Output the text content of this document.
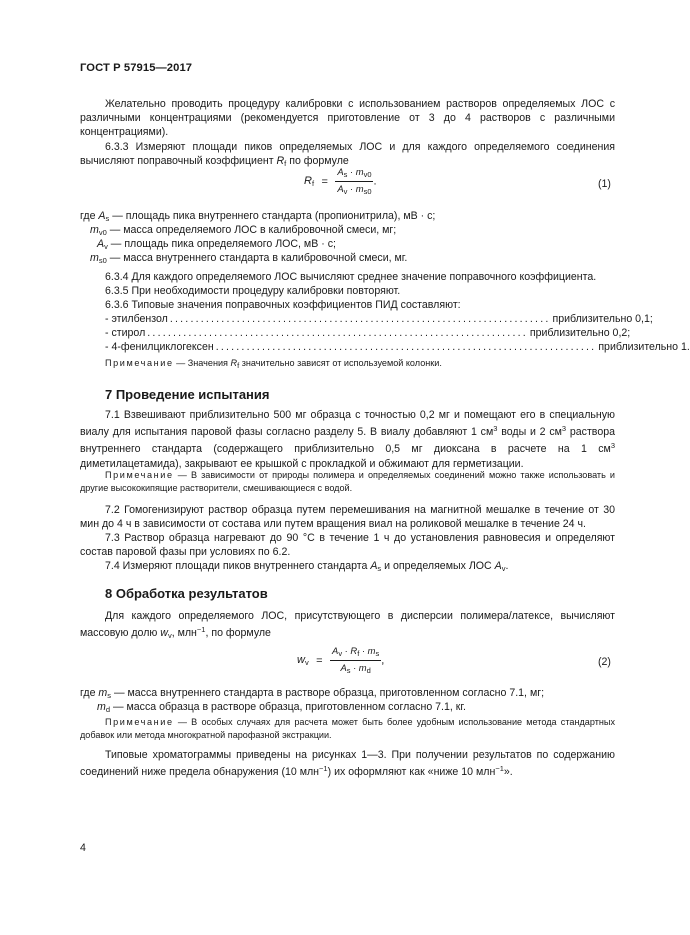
ГОСТ Р 57915—2017
Желательно проводить процедуру калибровки с использованием растворов определяемых ЛОС с различными концентрациями (рекомендуется приготовление от 3 до 4 растворов с различными концентрациями).
6.3.3 Измеряют площади пиков определяемых ЛОС и для каждого определяемого соединения вычисляют поправочный коэффициент $R_f$ по формуле
$R_f = \frac{A_s \cdot m_{v0}}{A_v \cdot m_{s0}}$ .	(1)
где $A_s$ — площадь пика внутреннего стандарта (пропионитрила), мВ · с;
$m_{v0}$ — масса определяемого ЛОС в калибровочной смеси, мг;
$A_v$ — площадь пика определяемого ЛОС, мВ · с;
$m_{s0}$ — масса внутреннего стандарта в калибровочной смеси, мг.
6.3.4 Для каждого определяемого ЛОС вычисляют среднее значение поправочного коэффициента.
6.3.5 При необходимости процедуру калибровки повторяют.
6.3.6 Типовые значения поправочных коэффициентов ПИД составляют:
- этилбензол .......................................................................... приблизительно 0,1;
- стирол .......................................................................... приблизительно 0,2;
- 4-фенилциклогексен .......................................................................... приблизительно 1.
Примечание — Значения $R_f$ значительно зависят от используемой колонки.
7 Проведение испытания
7.1 Взвешивают приблизительно 500 мг образца с точностью 0,2 мг и помещают его в специальную виалу для испытания паровой фазы согласно разделу 5. В виалу добавляют 1 $см^3$ воды и 2 $см^3$ раствора внутреннего стандарта (содержащего приблизительно 0,5 мг диоксана в расчете на 1 $см^3$ диметилацетамида), закрывают ее крышкой с прокладкой и обжимают для герметизации.
Примечание — В зависимости от природы полимера и определяемых соединений можно также использовать и другие высококипящие растворители, смешивающиеся с водой.
7.2 Гомогенизируют раствор образца путем перемешивания на магнитной мешалке в течение от 30 мин до 4 ч в зависимости от состава или путем вращения виал на роликовой мешалке в течение 24 ч.
7.3 Раствор образца нагревают до 90 °С в течение 1 ч до установления равновесия и определяют состав паровой фазы при условиях по 6.2.
7.4 Измеряют площади пиков внутреннего стандарта $A_s$ и определяемых ЛОС $A_v$.
8 Обработка результатов
Для каждого определяемого ЛОС, присутствующего в дисперсии полимера/латексе, вычисляют массовую долю $w_v$, млн$^{-1}$, по формуле
$w_v = \frac{A_v \cdot R_f \cdot m_s}{A_s \cdot m_d}$ ,	(2)
где $m_s$ — масса внутреннего стандарта в растворе образца, приготовленном согласно 7.1, мг;
$m_d$ — масса образца в растворе образца, приготовленном согласно 7.1, кг.
Примечание — В особых случаях для расчета может быть более удобным использование метода стандартных добавок или метода многократной парофазной экстракции.
Типовые хроматограммы приведены на рисунках 1—3. При получении результатов по содержанию соединений ниже предела обнаружения (10 млн$^{-1}$) их оформляют как «ниже 10 млн$^{-1}$».
4
